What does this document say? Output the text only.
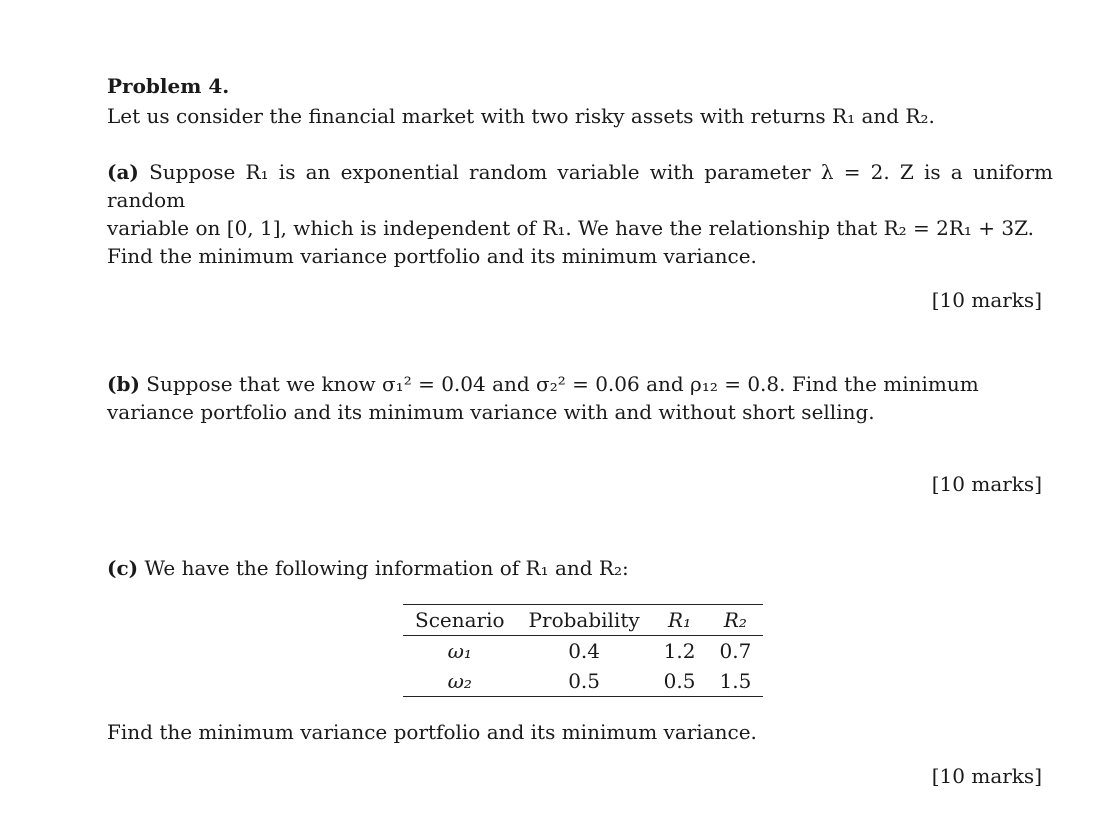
Problem 4.
Let us consider the financial market with two risky assets with returns R₁ and R₂.
(a) Suppose R₁ is an exponential random variable with parameter λ = 2. Z is a uniform random
variable on [0, 1], which is independent of R₁. We have the relationship that R₂ = 2R₁ + 3Z.
Find the minimum variance portfolio and its minimum variance.
[10 marks]
(b) Suppose that we know σ₁² = 0.04 and σ₂² = 0.06 and ρ₁₂ = 0.8. Find the minimum
variance portfolio and its minimum variance with and without short selling.
[10 marks]
(c) We have the following information of R₁ and R₂:
Scenario	Probability	R₁	R₂
ω₁	0.4	1.2	0.7
ω₂	0.5	0.5	1.5
Find the minimum variance portfolio and its minimum variance.
[10 marks]
